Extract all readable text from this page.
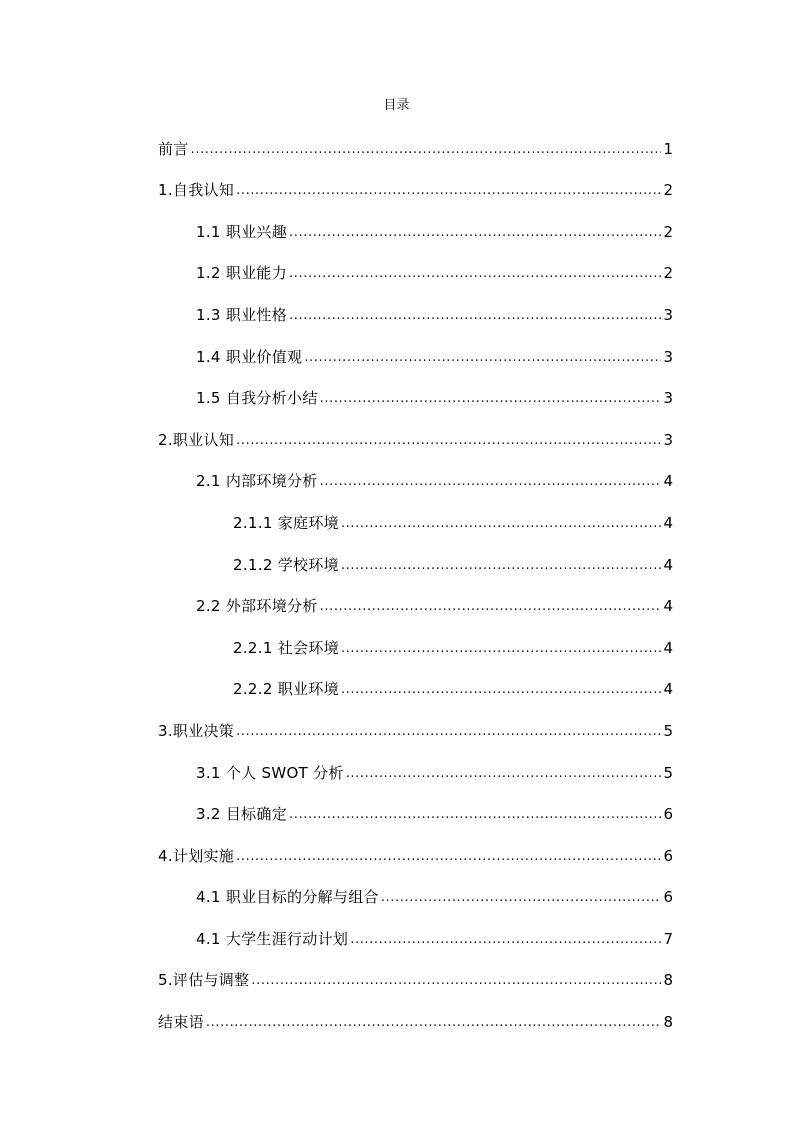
目录
前言 .....	1
1.自我认知 .....	2
1.1 职业兴趣 .....	2
1.2 职业能力 .....	2
1.3 职业性格 .....	3
1.4 职业价值观 .....	3
1.5 自我分析小结 .....	3
2.职业认知 .....	3
2.1 内部环境分析 .....	4
2.1.1 家庭环境 .....	4
2.1.2 学校环境 .....	4
2.2 外部环境分析 .....	4
2.2.1 社会环境 .....	4
2.2.2 职业环境 .....	4
3.职业决策 .....	5
3.1 个人 SWOT 分析 .....	5
3.2 目标确定 .....	6
4.计划实施 .....	6
4.1 职业目标的分解与组合 .....	6
4.1 大学生涯行动计划 .....	7
5.评估与调整 .....	8
结束语 .....	8
